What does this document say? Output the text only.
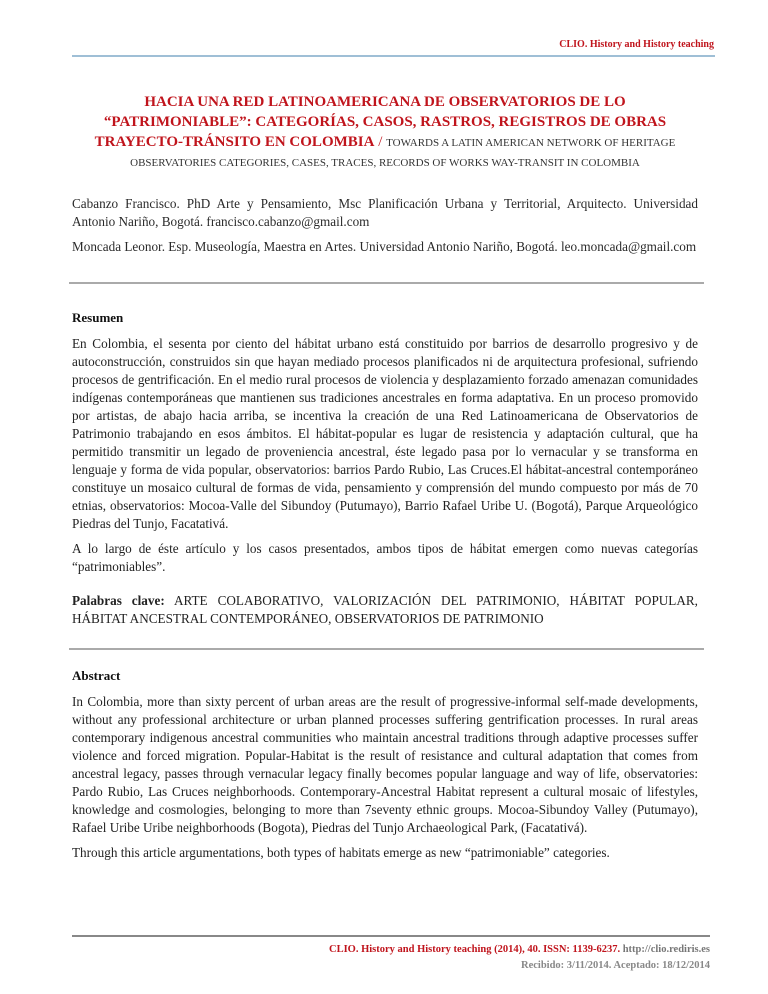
CLIO. History and History teaching
HACIA UNA RED LATINOAMERICANA DE OBSERVATORIOS DE LO “PATRIMONIABLE”: CATEGORÍAS, CASOS, RASTROS, REGISTROS DE OBRAS TRAYECTO-TRÁNSITO EN COLOMBIA / TOWARDS A LATIN AMERICAN NETWORK OF HERITAGE OBSERVATORIES CATEGORIES, CASES, TRACES, RECORDS OF WORKS WAY-TRANSIT IN COLOMBIA

Cabanzo Francisco. PhD Arte y Pensamiento, Msc Planificación Urbana y Territorial, Arquitecto. Universidad Antonio Nariño, Bogotá. francisco.cabanzo@gmail.com

Moncada Leonor. Esp. Museología, Maestra en Artes. Universidad Antonio Nariño, Bogotá. leo.moncada@gmail.com

Resumen

En Colombia, el sesenta por ciento del hábitat urbano está constituido por barrios de desarrollo progresivo y de autoconstrucción, construidos sin que hayan mediado procesos planificados ni de arquitectura profesional, sufriendo procesos de gentrificación. En el medio rural procesos de violencia y desplazamiento forzado amenazan comunidades indígenas contemporáneas que mantienen sus tradiciones ancestrales en forma adaptativa. En un proceso promovido por artistas, de abajo hacia arriba, se incentiva la creación de una Red Latinoamericana de Observatorios de Patrimonio trabajando en esos ámbitos. El hábitat-popular es lugar de resistencia y adaptación cultural, que ha permitido transmitir un legado de proveniencia ancestral, éste legado pasa por lo vernacular y se transforma en lenguaje y forma de vida popular, observatorios: barrios Pardo Rubio, Las Cruces.El hábitat-ancestral contemporáneo constituye un mosaico cultural de formas de vida, pensamiento y comprensión del mundo compuesto por más de 70 etnias, observatorios: Mocoa-Valle del Sibundoy (Putumayo), Barrio Rafael Uribe U. (Bogotá), Parque Arqueológico Piedras del Tunjo, Facatativá.

A lo largo de éste artículo y los casos presentados, ambos tipos de hábitat emergen como nuevas categorías “patrimoniables”.

Palabras clave: ARTE COLABORATIVO, VALORIZACIÓN DEL PATRIMONIO, HÁBITAT POPULAR, HÁBITAT ANCESTRAL CONTEMPORÁNEO, OBSERVATORIOS DE PATRIMONIO

Abstract

In Colombia, more than sixty percent of urban areas are the result of progressive-informal self-made developments, without any professional architecture or urban planned processes suffering gentrification processes. In rural areas contemporary indigenous ancestral communities who maintain ancestral traditions through adaptive processes suffer violence and forced migration. Popular-Habitat is the result of resistance and cultural adaptation that comes from ancestral legacy, passes through vernacular legacy finally becomes popular language and way of life, observatories: Pardo Rubio, Las Cruces neighborhoods. Contemporary-Ancestral Habitat represent a cultural mosaic of lifestyles, knowledge and cosmologies, belonging to more than 7seventy ethnic groups. Mocoa-Sibundoy Valley (Putumayo), Rafael Uribe Uribe neighborhoods (Bogota), Piedras del Tunjo Archaeological Park, (Facatativá).

Through this article argumentations, both types of habitats emerge as new “patrimoniable” categories.

CLIO. History and History teaching (2014), 40. ISSN: 1139-6237. http://clio.rediris.es
Recibido: 3/11/2014. Aceptado: 18/12/2014
